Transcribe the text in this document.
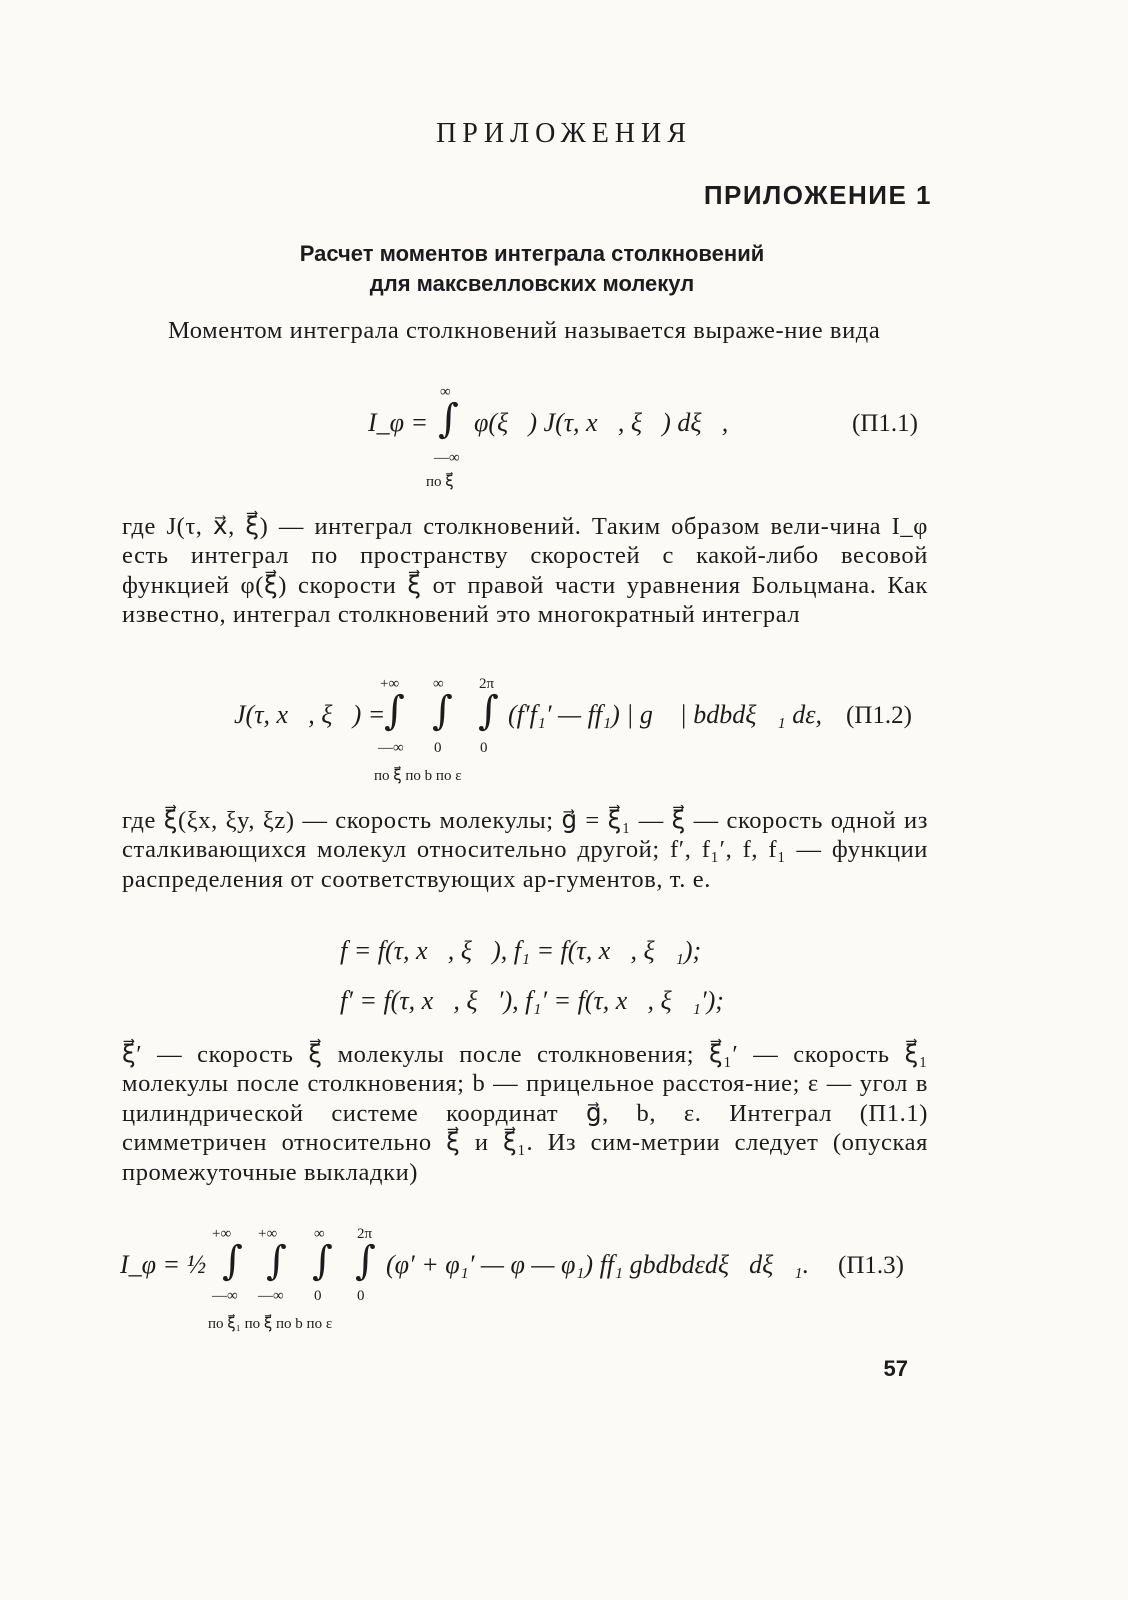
ПРИЛОЖЕНИЯ
ПРИЛОЖЕНИЕ 1
Расчет моментов интеграла столкновений
для максвелловских молекул
Моментом интеграла столкновений называется выраже-ние вида
I_φ =
∞
∫
—∞
по ξ⃗
φ(ξ⃗) J(τ, x⃗, ξ⃗) dξ⃗,	(П1.1)
где J(τ, x⃗, ξ⃗) — интеграл столкновений. Таким образом вели-чина I_φ есть интеграл по пространству скоростей с какой-либо весовой функцией φ(ξ⃗) скорости ξ⃗ от правой части уравнения Больцмана. Как известно, интеграл столкновений это многократный интеграл
J(τ, x⃗, ξ⃗) =
+∞ ∞ 2π
∫ ∫ ∫
—∞ 0	0
по ξ⃗ по b по ε
(f′f₁′ — ff₁) | g⃗ | bdbdξ⃗₁ dε, (П1.2)
где ξ⃗(ξx, ξy, ξz) — скорость молекулы; g⃗ = ξ⃗₁ — ξ⃗ — скорость одной из сталкивающихся молекул относительно другой; f′, f₁′, f, f₁ — функции распределения от соответствующих ар-гументов, т. е.
f = f(τ, x⃗, ξ⃗), f₁ = f(τ, x⃗, ξ⃗₁);
f′ = f(τ, x⃗, ξ⃗′), f₁′ = f(τ, x⃗, ξ⃗₁′);
ξ⃗′ — скорость ξ⃗ молекулы после столкновения; ξ⃗₁′ — скорость ξ⃗₁ молекулы после столкновения; b — прицельное расстоя-ние; ε — угол в цилиндрической системе координат g⃗, b, ε. Интеграл (П1.1) симметричен относительно ξ⃗ и ξ⃗₁. Из сим-метрии следует (опуская промежуточные выкладки)
I_φ = ½
+∞ +∞ ∞ 2π
∫ ∫ ∫ ∫
—∞ —∞ 0 0
по ξ⃗₁ по ξ⃗ по b по ε
(φ′ + φ₁′ — φ — φ₁) ff₁ gbdbdεdξ⃗dξ⃗₁. (П1.3)
57
